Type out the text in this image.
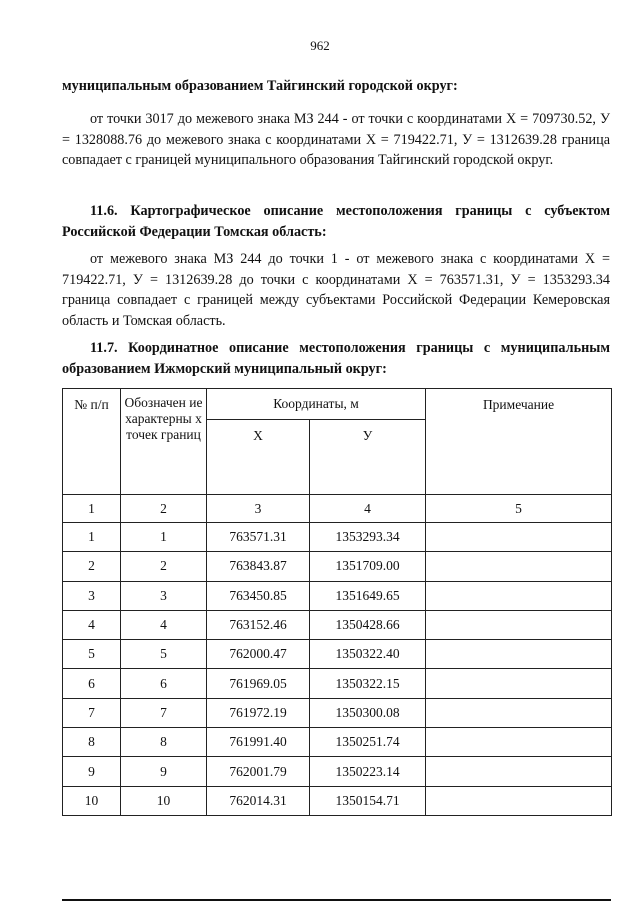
962

муниципальным образованием Тайгинский городской округ:

от точки 3017 до межевого знака МЗ 244 - от точки с координатами Х = 709730.52, У = 1328088.76 до межевого знака с координатами Х = 719422.71, У = 1312639.28 граница совпадает с границей муниципального образования Тайгинский городской округ.

11.6. Картографическое описание местоположения границы с субъектом Российской Федерации Томская область:

от межевого знака МЗ 244 до точки 1 - от межевого знака с координатами Х = 719422.71, У = 1312639.28 до точки с координатами Х = 763571.31, У = 1353293.34 граница совпадает с границей между субъектами Российской Федерации Кемеровская область и Томская область.

11.7. Координатное описание местоположения границы с муниципальным образованием Ижморский муниципальный округ:

№ п/п	Обозначен ие характерны х точек границ	Координаты, м		Примечание
		Х	У	
1	2	3	4	5
1	1	763571.31	1353293.34	
2	2	763843.87	1351709.00	
3	3	763450.85	1351649.65	
4	4	763152.46	1350428.66	
5	5	762000.47	1350322.40	
6	6	761969.05	1350322.15	
7	7	761972.19	1350300.08	
8	8	761991.40	1350251.74	
9	9	762001.79	1350223.14	
10	10	762014.31	1350154.71	
